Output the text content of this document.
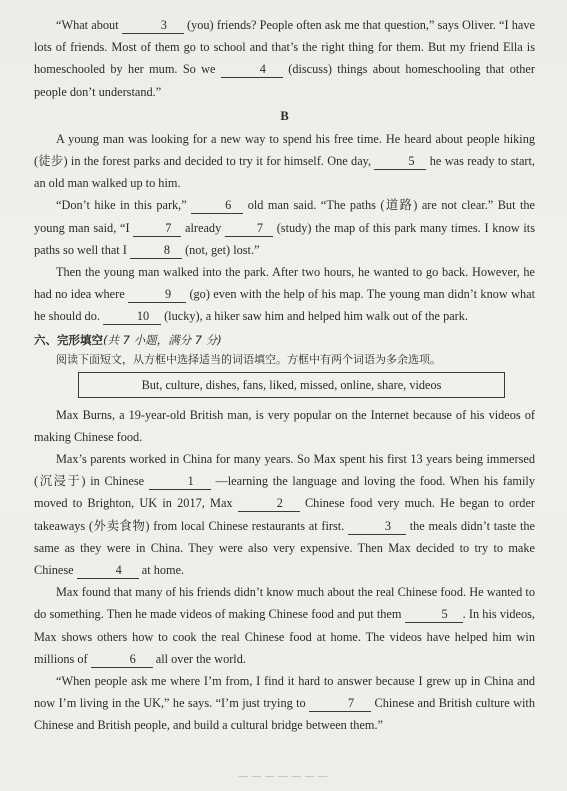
“What about	3 (you) friends? People often ask me that question,” says Oliver. “I have lots of friends. Most of them go to school and that’s the right thing for them. But my friend Ella is homeschooled by her mum. So we	4 (discuss) things about homeschooling that other people don’t understand.”

B

A young man was looking for a new way to spend his free time. He heard about people hiking (徒步) in the forest parks and decided to try it for himself. One day,	5 he was ready to start, an old man walked up to him.

“Don’t hike in this park,”	6 old man said. “The paths (道路) are not clear.” But the young man said, “I	7 already	7 (study) the map of this park many times. I know its paths so well that I	8 (not, get) lost.”

Then the young man walked into the park. After two hours, he wanted to go back. However, he had no idea where	9 (go) even with the help of his map. The young man didn’t know what he should do.	10 (lucky), a hiker saw him and helped him walk out of the park.

六、完形填空(共 7 小题，满分 7 分)

阅读下面短文，从方框中选择适当的词语填空。方框中有两个词语为多余选项。

But, culture, dishes, fans, liked, missed, online, share, videos

Max Burns, a 19-year-old British man, is very popular on the Internet because of his videos of making Chinese food.

Max’s parents worked in China for many years. So Max spent his first 13 years being immersed (沉浸于) in Chinese	1 —learning the language and loving the food. When his family moved to Brighton, UK in 2017, Max	2 Chinese food very much. He began to order takeaways (外卖食物) from local Chinese restaurants at first.	3 the meals didn’t taste the same as they were in China. They were also very expensive. Then Max decided to try to make Chinese	4 at home.

Max found that many of his friends didn’t know much about the real Chinese food. He wanted to do something. Then he made videos of making Chinese food and put them	5 . In his videos, Max shows others how to cook the real Chinese food at home. The videos have helped him win millions of	6 all over the world.

“When people ask me where I’m from, I find it hard to answer because I grew up in China and now I’m living in the UK,” he says. “I’m just trying to	7 Chinese and British culture with Chinese and British people, and build a cultural bridge between them.”

— — — — — — —
